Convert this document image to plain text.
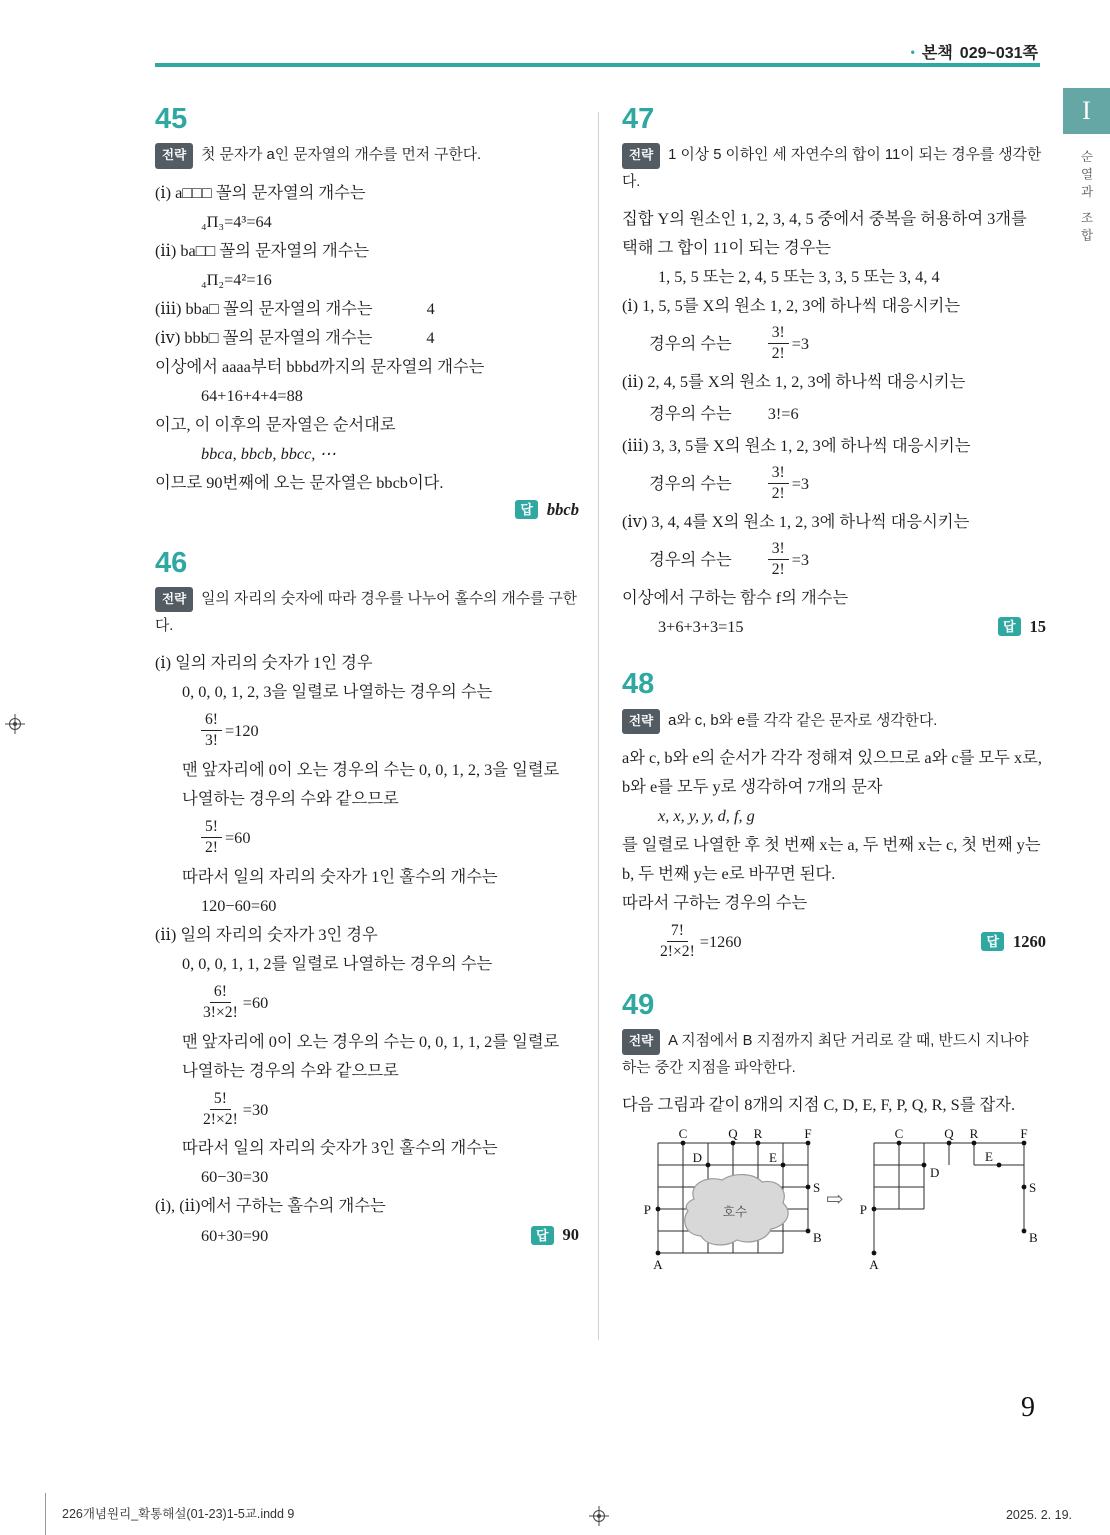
• 본책 029~031쪽
I
순열과 조합
45

전략 첫 문자가 a인 문자열의 개수를 먼저 구한다.

(ⅰ) a□□□ 꼴의 문자열의 개수는

₄Π₃=4³=64

(ⅱ) ba□□ 꼴의 문자열의 개수는

₄Π₂=4²=16

(ⅲ) bba□ 꼴의 문자열의 개수는	4

(ⅳ) bbb□ 꼴의 문자열의 개수는	4

이상에서 aaaa부터 bbbd까지의 문자열의 개수는

64+16+4+4=88

이고, 이 이후의 문자열은 순서대로

bbca, bbcb, bbcc, ⋯

이므로 90번째에 오는 문자열은 bbcb이다.

답 bbcb

46

전략 일의 자리의 숫자에 따라 경우를 나누어 홀수의 개수를 구한다.

(ⅰ) 일의 자리의 숫자가 1인 경우

0, 0, 0, 1, 2, 3을 일렬로 나열하는 경우의 수는

$\frac{6!}{3!} =120$

맨 앞자리에 0이 오는 경우의 수는 0, 0, 1, 2, 3을 일렬로 나열하는 경우의 수와 같으므로

$\frac{5!}{2!} =60$

따라서 일의 자리의 숫자가 1인 홀수의 개수는

120−60=60

(ⅱ) 일의 자리의 숫자가 3인 경우

0, 0, 0, 1, 1, 2를 일렬로 나열하는 경우의 수는

$\frac{6!}{3!\times 2!} =60$

맨 앞자리에 0이 오는 경우의 수는 0, 0, 1, 1, 2를 일렬로 나열하는 경우의 수와 같으므로

$\frac{5!}{2!\times 2!} =30$

따라서 일의 자리의 숫자가 3인 홀수의 개수는

60−30=30

(ⅰ), (ⅱ)에서 구하는 홀수의 개수는

60+30=90	답 90

47

전략 1 이상 5 이하인 세 자연수의 합이 11이 되는 경우를 생각한다.

집합 Y의 원소인 1, 2, 3, 4, 5 중에서 중복을 허용하여 3개를 택해 그 합이 11이 되는 경우는

1, 5, 5 또는 2, 4, 5 또는 3, 3, 5 또는 3, 4, 4

(ⅰ) 1, 5, 5를 X의 원소 1, 2, 3에 하나씩 대응시키는

경우의 수는 $\frac{3!}{2!} =3$

(ⅱ) 2, 4, 5를 X의 원소 1, 2, 3에 하나씩 대응시키는

경우의 수는 3!=6

(ⅲ) 3, 3, 5를 X의 원소 1, 2, 3에 하나씩 대응시키는

경우의 수는 $\frac{3!}{2!} =3$

(ⅳ) 3, 4, 4를 X의 원소 1, 2, 3에 하나씩 대응시키는

경우의 수는 $\frac{3!}{2!} =3$

이상에서 구하는 함수 f의 개수는

3+6+3+3=15	답 15

48

전략 a와 c, b와 e를 각각 같은 문자로 생각한다.

a와 c, b와 e의 순서가 각각 정해져 있으므로 a와 c를 모두 x로, b와 e를 모두 y로 생각하여 7개의 문자

x, x, y, y, d, f, g

를 일렬로 나열한 후 첫 번째 x는 a, 두 번째 x는 c, 첫 번째 y는 b, 두 번째 y는 e로 바꾸면 된다.

따라서 구하는 경우의 수는

$\frac{7!}{2!\times 2!} =1260$	답 1260

49

전략 A 지점에서 B 지점까지 최단 거리로 갈 때, 반드시 지나야 하는 중간 지점을 파악한다.

다음 그림과 같이 8개의 지점 C, D, E, F, P, Q, R, S를 잡자.

호수
C	Q R	F
D	E
S
P
A
B
⇨
C	Q R	F
D
E
S
P
A
B
9
226개념원리_확통해설(01-23)1-5교.indd 9	2025. 2. 19.
